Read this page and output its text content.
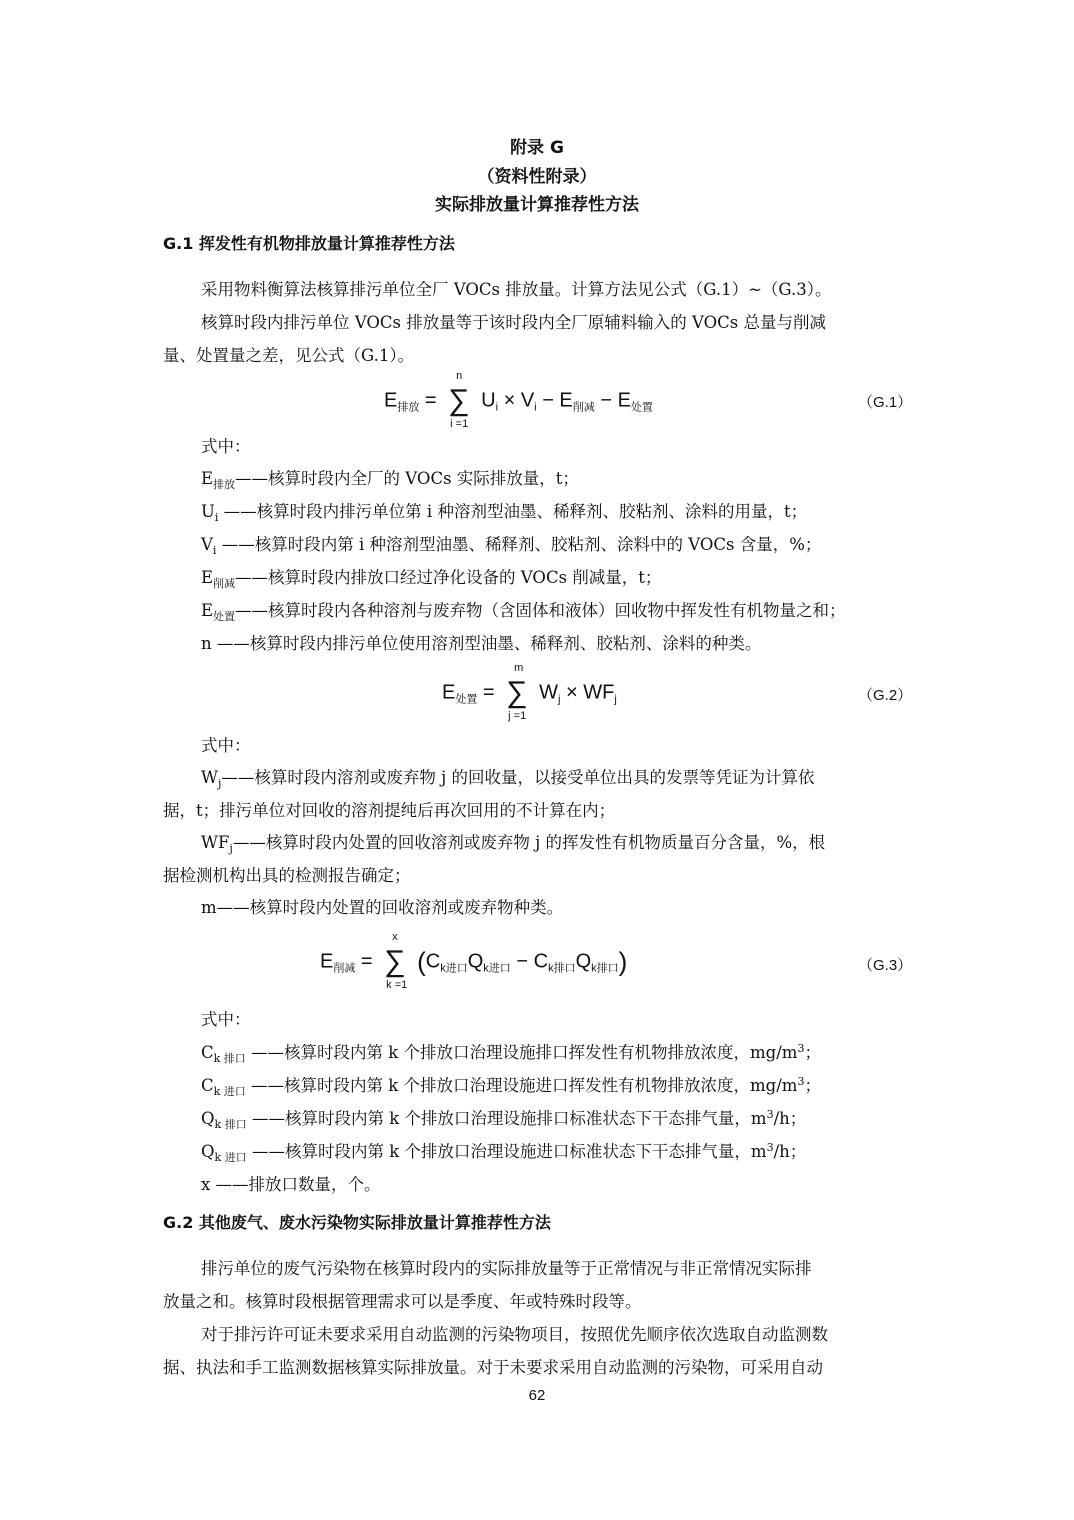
附录 G
（资料性附录）
实际排放量计算推荐性方法
G.1 挥发性有机物排放量计算推荐性方法
采用物料衡算法核算排污单位全厂 VOCs 排放量。计算方法见公式（G.1）~（G.3）。
核算时段内排污单位 VOCs 排放量等于该时段内全厂原辅料输入的 VOCs 总量与削减
量、处置量之差，见公式（G.1）。
$E_{排放}$ = ∑
n
i =1
$U_i \times V_i - E_{削减} - E_{处置}$	（G.1）
式中：
$E_{排放}——$核算时段内全厂的 VOCs 实际排放量，t；
$U_i$ ——核算时段内排污单位第 i 种溶剂型油墨、稀释剂、胶粘剂、涂料的用量，t；
$V_i$ ——核算时段内第 i 种溶剂型油墨、稀释剂、胶粘剂、涂料中的 VOCs 含量，%；
$E_{削减}——$核算时段内排放口经过净化设备的 VOCs 削减量，t；
$E_{处置}——$核算时段内各种溶剂与废弃物（含固体和液体）回收物中挥发性有机物量之和；
n ——核算时段内排污单位使用溶剂型油墨、稀释剂、胶粘剂、涂料的种类。
$E_{处置}$ = ∑
m
j =1
$W_j \times WF_j$	（G.2）
式中：
$W_j——$核算时段内溶剂或废弃物 j 的回收量，以接受单位出具的发票等凭证为计算依
据，t；排污单位对回收的溶剂提纯后再次回用的不计算在内；
$WF_j——$核算时段内处置的回收溶剂或废弃物 j 的挥发性有机物质量百分含量，%，根
据检测机构出具的检测报告确定；
m——核算时段内处置的回收溶剂或废弃物种类。
$E_{削减}$ = ∑
x
k =1
$(C_{k进口}Q_{k进口} - C_{k排口}Q_{k排口})$	（G.3）
式中：
$C_{k 排口}$ ——核算时段内第 k 个排放口治理设施排口挥发性有机物排放浓度，$mg/m^3$；
$C_{k 进口}$ ——核算时段内第 k 个排放口治理设施进口挥发性有机物排放浓度，$mg/m^3$；
$Q_{k 排口}$ ——核算时段内第 k 个排放口治理设施排口标准状态下干态排气量，$m^3/h$；
$Q_{k 进口}$ ——核算时段内第 k 个排放口治理设施进口标准状态下干态排气量，$m^3/h$；
x ——排放口数量，个。
G.2 其他废气、废水污染物实际排放量计算推荐性方法
排污单位的废气污染物在核算时段内的实际排放量等于正常情况与非正常情况实际排
放量之和。核算时段根据管理需求可以是季度、年或特殊时段等。
对于排污许可证未要求采用自动监测的污染物项目，按照优先顺序依次选取自动监测数
据、执法和手工监测数据核算实际排放量。对于未要求采用自动监测的污染物，可采用自动
62
